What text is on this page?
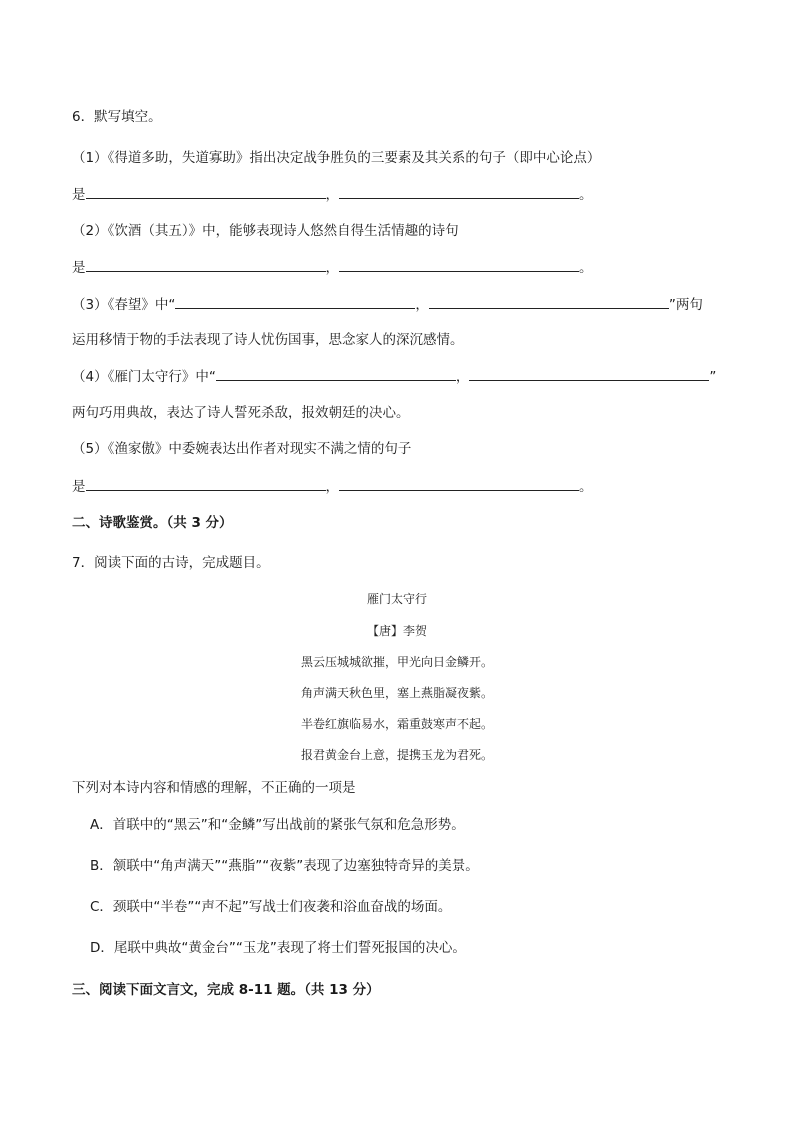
6．默写填空。
（1）《得道多助，失道寡助》指出决定战争胜负的三要素及其关系的句子（即中心论点）
是	，	。
（2）《饮酒（其五）》中，能够表现诗人悠然自得生活情趣的诗句
是	，	。
（3）《春望》中“	，	”两句
运用移情于物的手法表现了诗人忧伤国事，思念家人的深沉感情。
（4）《雁门太守行》中“	，	”
两句巧用典故，表达了诗人誓死杀敌，报效朝廷的决心。
（5）《渔家傲》中委婉表达出作者对现实不满之情的句子
是	，	。
二、诗歌鉴赏。（共 3 分）
7．阅读下面的古诗，完成题目。
雁门太守行
【唐】李贺
黑云压城城欲摧，甲光向日金鳞开。
角声满天秋色里，塞上燕脂凝夜紫。
半卷红旗临易水，霜重鼓寒声不起。
报君黄金台上意，提携玉龙为君死。
下列对本诗内容和情感的理解，不正确的一项是
A．首联中的“黑云”和“金鳞”写出战前的紧张气氛和危急形势。
B．颔联中“角声满天”“燕脂”“夜紫”表现了边塞独特奇异的美景。
C．颈联中“半卷”“声不起”写战士们夜袭和浴血奋战的场面。
D．尾联中典故“黄金台”“玉龙”表现了将士们誓死报国的决心。
三、阅读下面文言文，完成 8-11 题。（共 13 分）
